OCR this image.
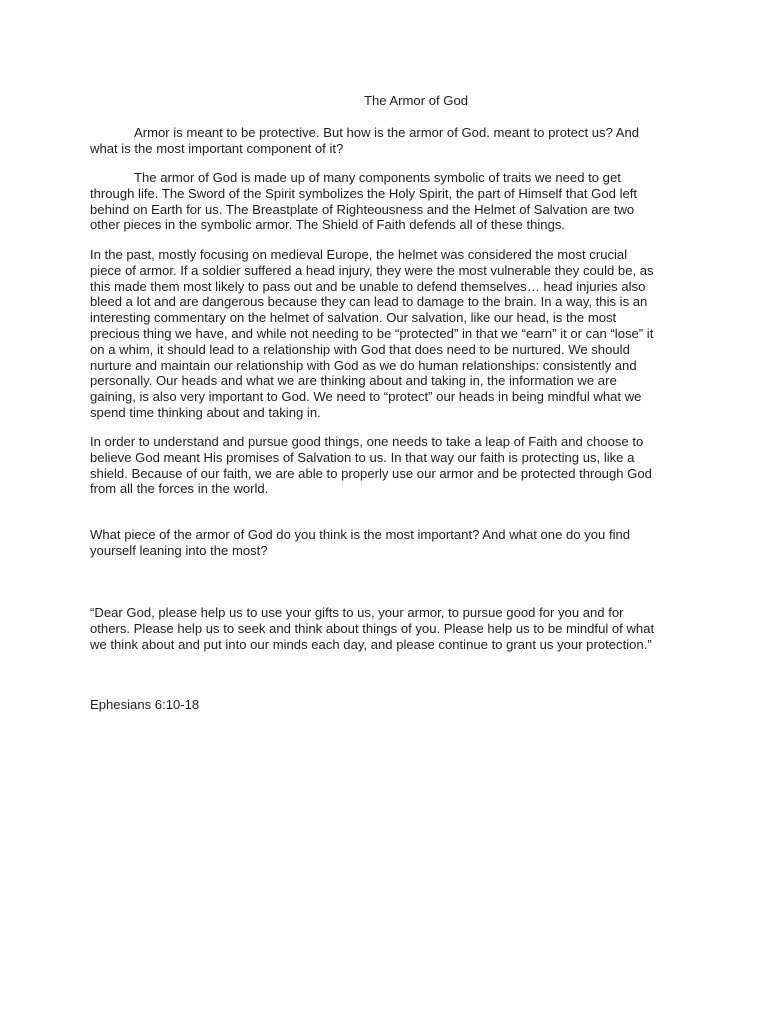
The Armor of God

Armor is meant to be protective. But how is the armor of God. meant to protect us? And what is the most important component of it?

The armor of God is made up of many components symbolic of traits we need to get through life. The Sword of the Spirit symbolizes the Holy Spirit, the part of Himself that God left behind on Earth for us. The Breastplate of Righteousness and the Helmet of Salvation are two other pieces in the symbolic armor. The Shield of Faith defends all of these things.

In the past, mostly focusing on medieval Europe, the helmet was considered the most crucial piece of armor. If a soldier suffered a head injury, they were the most vulnerable they could be, as this made them most likely to pass out and be unable to defend themselves… head injuries also bleed a lot and are dangerous because they can lead to damage to the brain. In a way, this is an interesting commentary on the helmet of salvation. Our salvation, like our head, is the most precious thing we have, and while not needing to be “protected” in that we “earn” it or can “lose” it on a whim, it should lead to a relationship with God that does need to be nurtured. We should nurture and maintain our relationship with God as we do human relationships: consistently and personally. Our heads and what we are thinking about and taking in, the information we are gaining, is also very important to God. We need to “protect” our heads in being mindful what we spend time thinking about and taking in.

In order to understand and pursue good things, one needs to take a leap of Faith and choose to believe God meant His promises of Salvation to us. In that way our faith is protecting us, like a shield. Because of our faith, we are able to properly use our armor and be protected through God from all the forces in the world.

What piece of the armor of God do you think is the most important? And what one do you find yourself leaning into the most?

“Dear God, please help us to use your gifts to us, your armor, to pursue good for you and for others. Please help us to seek and think about things of you. Please help us to be mindful of what we think about and put into our minds each day, and please continue to grant us your protection.”

Ephesians 6:10-18
